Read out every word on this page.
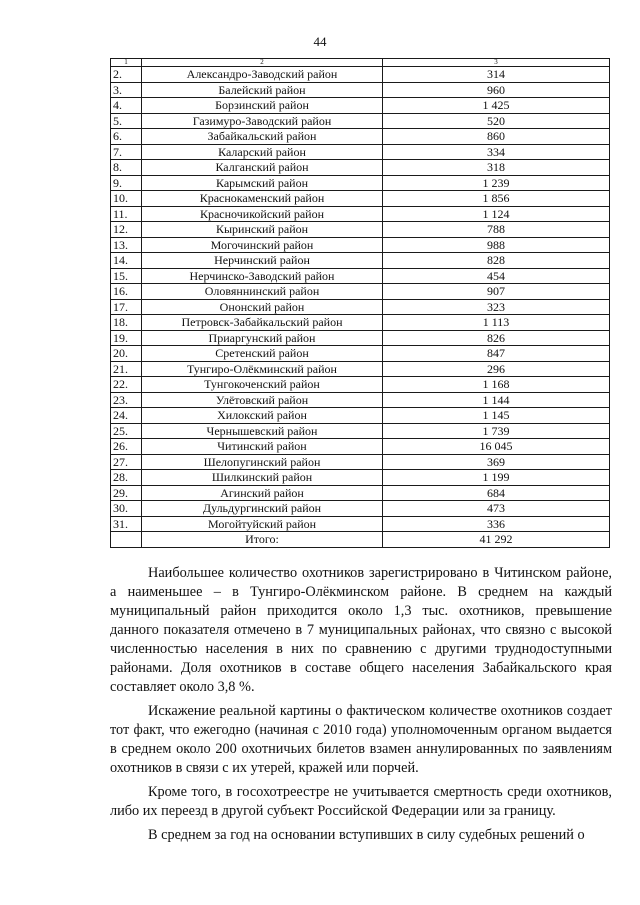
44
1	2	3
2.	Александро-Заводский район	314
3.	Балейский район	960
4.	Борзинский район	1 425
5.	Газимуро-Заводский район	520
6.	Забайкальский район	860
7.	Каларский район	334
8.	Калганский район	318
9.	Карымский район	1 239
10.	Краснокаменский район	1 856
11.	Красночикойский район	1 124
12.	Кыринский район	788
13.	Могочинский район	988
14.	Нерчинский район	828
15.	Нерчинско-Заводский район	454
16.	Оловяннинский район	907
17.	Ононский район	323
18.	Петровск-Забайкальский район	1 113
19.	Приаргунский район	826
20.	Сретенский район	847
21.	Тунгиро-Олёкминский район	296
22.	Тунгокоченский район	1 168
23.	Улётовский район	1 144
24.	Хилокский район	1 145
25.	Чернышевский район	1 739
26.	Читинский район	16 045
27.	Шелопугинский район	369
28.	Шилкинский район	1 199
29.	Агинский район	684
30.	Дульдургинский район	473
31.	Могойтуйский район	336
	Итого:	41 292

Наибольшее количество охотников зарегистрировано в Читинском районе, а наименьшее – в Тунгиро-Олёкминском районе. В среднем на каждый муниципальный район приходится около 1,3 тыс. охотников, превышение данного показателя отмечено в 7 муниципальных районах, что связно с высокой численностью населения в них по сравнению с другими труднодоступными районами. Доля охотников в составе общего населения Забайкальского края составляет около 3,8 %.

Искажение реальной картины о фактическом количестве охотников создает тот факт, что ежегодно (начиная с 2010 года) уполномоченным органом выдается в среднем около 200 охотничьих билетов взамен аннулированных по заявлениям охотников в связи с их утерей, кражей или порчей.

Кроме того, в госохотреестре не учитывается смертность среди охотников, либо их переезд в другой субъект Российской Федерации или за границу.

В среднем за год на основании вступивших в силу судебных решений о
